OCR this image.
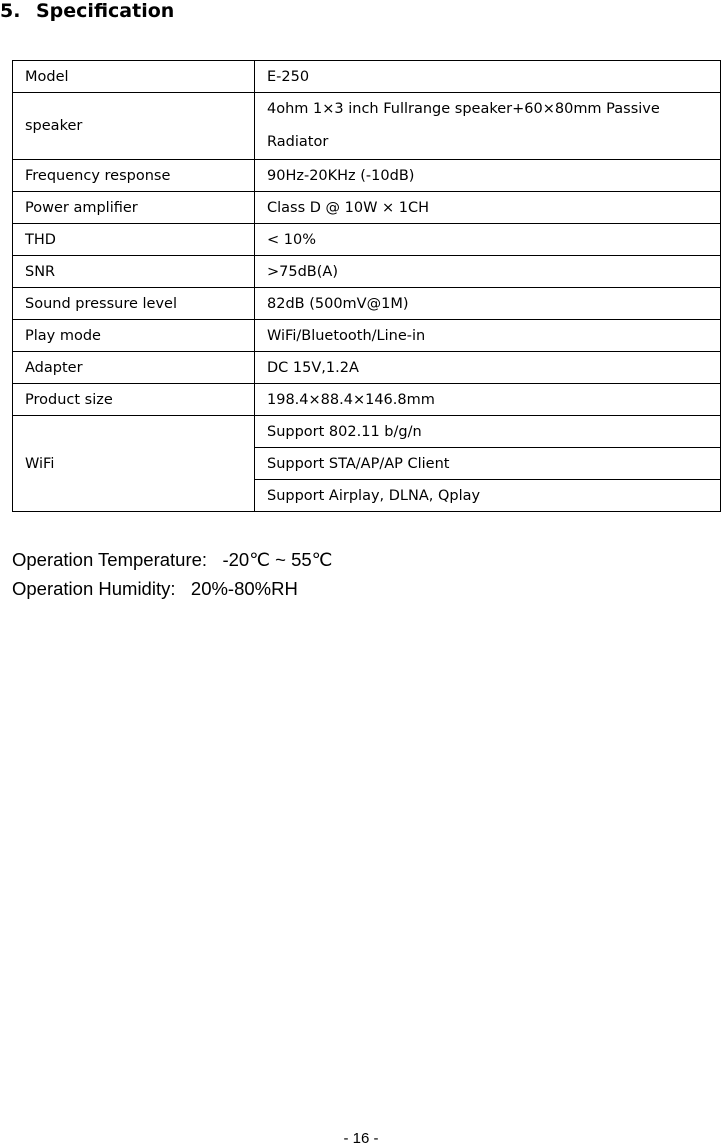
5. Specification
Model	E-250
speaker	4ohm 1×3 inch Fullrange speaker+60×80mm Passive Radiator
Frequency response	90Hz-20KHz (-10dB)
Power amplifier	Class D @ 10W × 1CH
THD	< 10%
SNR	>75dB(A)
Sound pressure level	82dB (500mV@1M)
Play mode	WiFi/Bluetooth/Line-in
Adapter	DC 15V,1.2A
Product size	198.4×88.4×146.8mm
WiFi	Support 802.11 b/g/n
	Support STA/AP/AP Client
	Support Airplay, DLNA, Qplay
Operation Temperature:   -20℃ ~ 55℃
Operation Humidity:   20%-80%RH
- 16 -
